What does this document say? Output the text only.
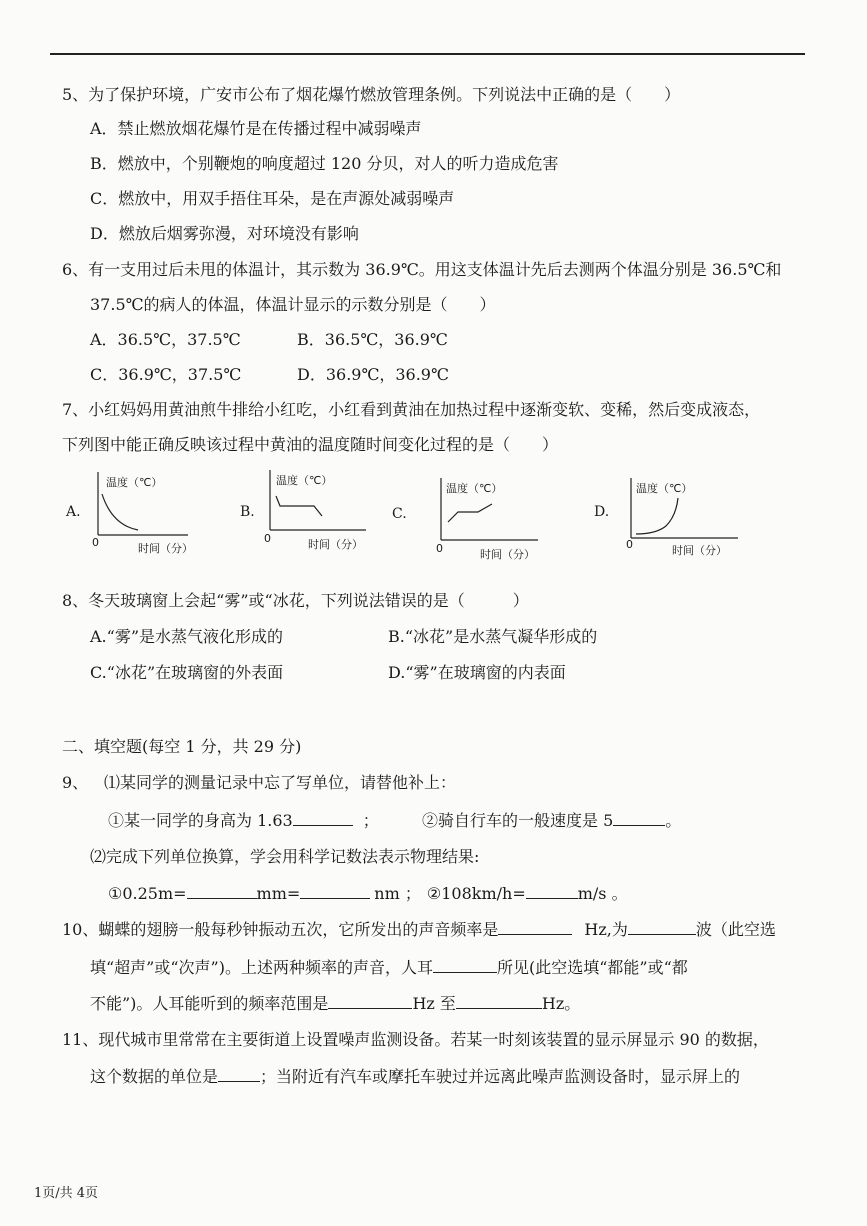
5、为了保护环境，广安市公布了烟花爆竹燃放管理条例。下列说法中正确的是（　　）
A．禁止燃放烟花爆竹是在传播过程中减弱噪声
B．燃放中，个别鞭炮的响度超过 120 分贝，对人的听力造成危害
C．燃放中，用双手捂住耳朵，是在声源处减弱噪声
D．燃放后烟雾弥漫，对环境没有影响
6、有一支用过后未甩的体温计，其示数为 36.9℃。用这支体温计先后去测两个体温分别是 36.5℃和
37.5℃的病人的体温，体温计显示的示数分别是（　　）
A．36.5℃，37.5℃	B．36.5℃，36.9℃
C．36.9℃，37.5℃	D．36.9℃，36.9℃
7、小红妈妈用黄油煎牛排给小红吃，小红看到黄油在加热过程中逐渐变软、变稀，然后变成液态，
下列图中能正确反映该过程中黄油的温度随时间变化过程的是（　　）
A.
温度（℃）
0	时间（分）
B.
温度（℃）
0	时间（分）
C.
温度（℃）
0	时间（分）
D.
温度（℃）
0	时间（分）
8、冬天玻璃窗上会起“雾”或“冰花，下列说法错误的是（　　　）
A.“雾”是水蒸气液化形成的	B.“冰花”是水蒸气凝华形成的
C.“冰花”在玻璃窗的外表面	D.“雾”在玻璃窗的内表面
二、填空题(每空 1 分，共 29 分)
9、 ⑴某同学的测量记录中忘了写单位，请替他补上：
①某一同学的身高为 1.63	；	②骑自行车的一般速度是 5	。
⑵完成下列单位换算，学会用科学记数法表示物理结果:
①0.25m=	mm=	nm ； ②108km/h=	m/s 。
10、蝴蝶的翅膀一般每秒钟振动五次，它所发出的声音频率是	Hz,为	波（此空选
填“超声”或“次声”)。上述两种频率的声音，人耳	所见(此空选填“都能”或“都
不能”)。人耳能听到的频率范围是	Hz 至	Hz。
11、现代城市里常常在主要街道上设置噪声监测设备。若某一时刻该装置的显示屏显示 90 的数据，
这个数据的单位是	；当附近有汽车或摩托车驶过并远离此噪声监测设备时，显示屏上的
1页/共 4页
